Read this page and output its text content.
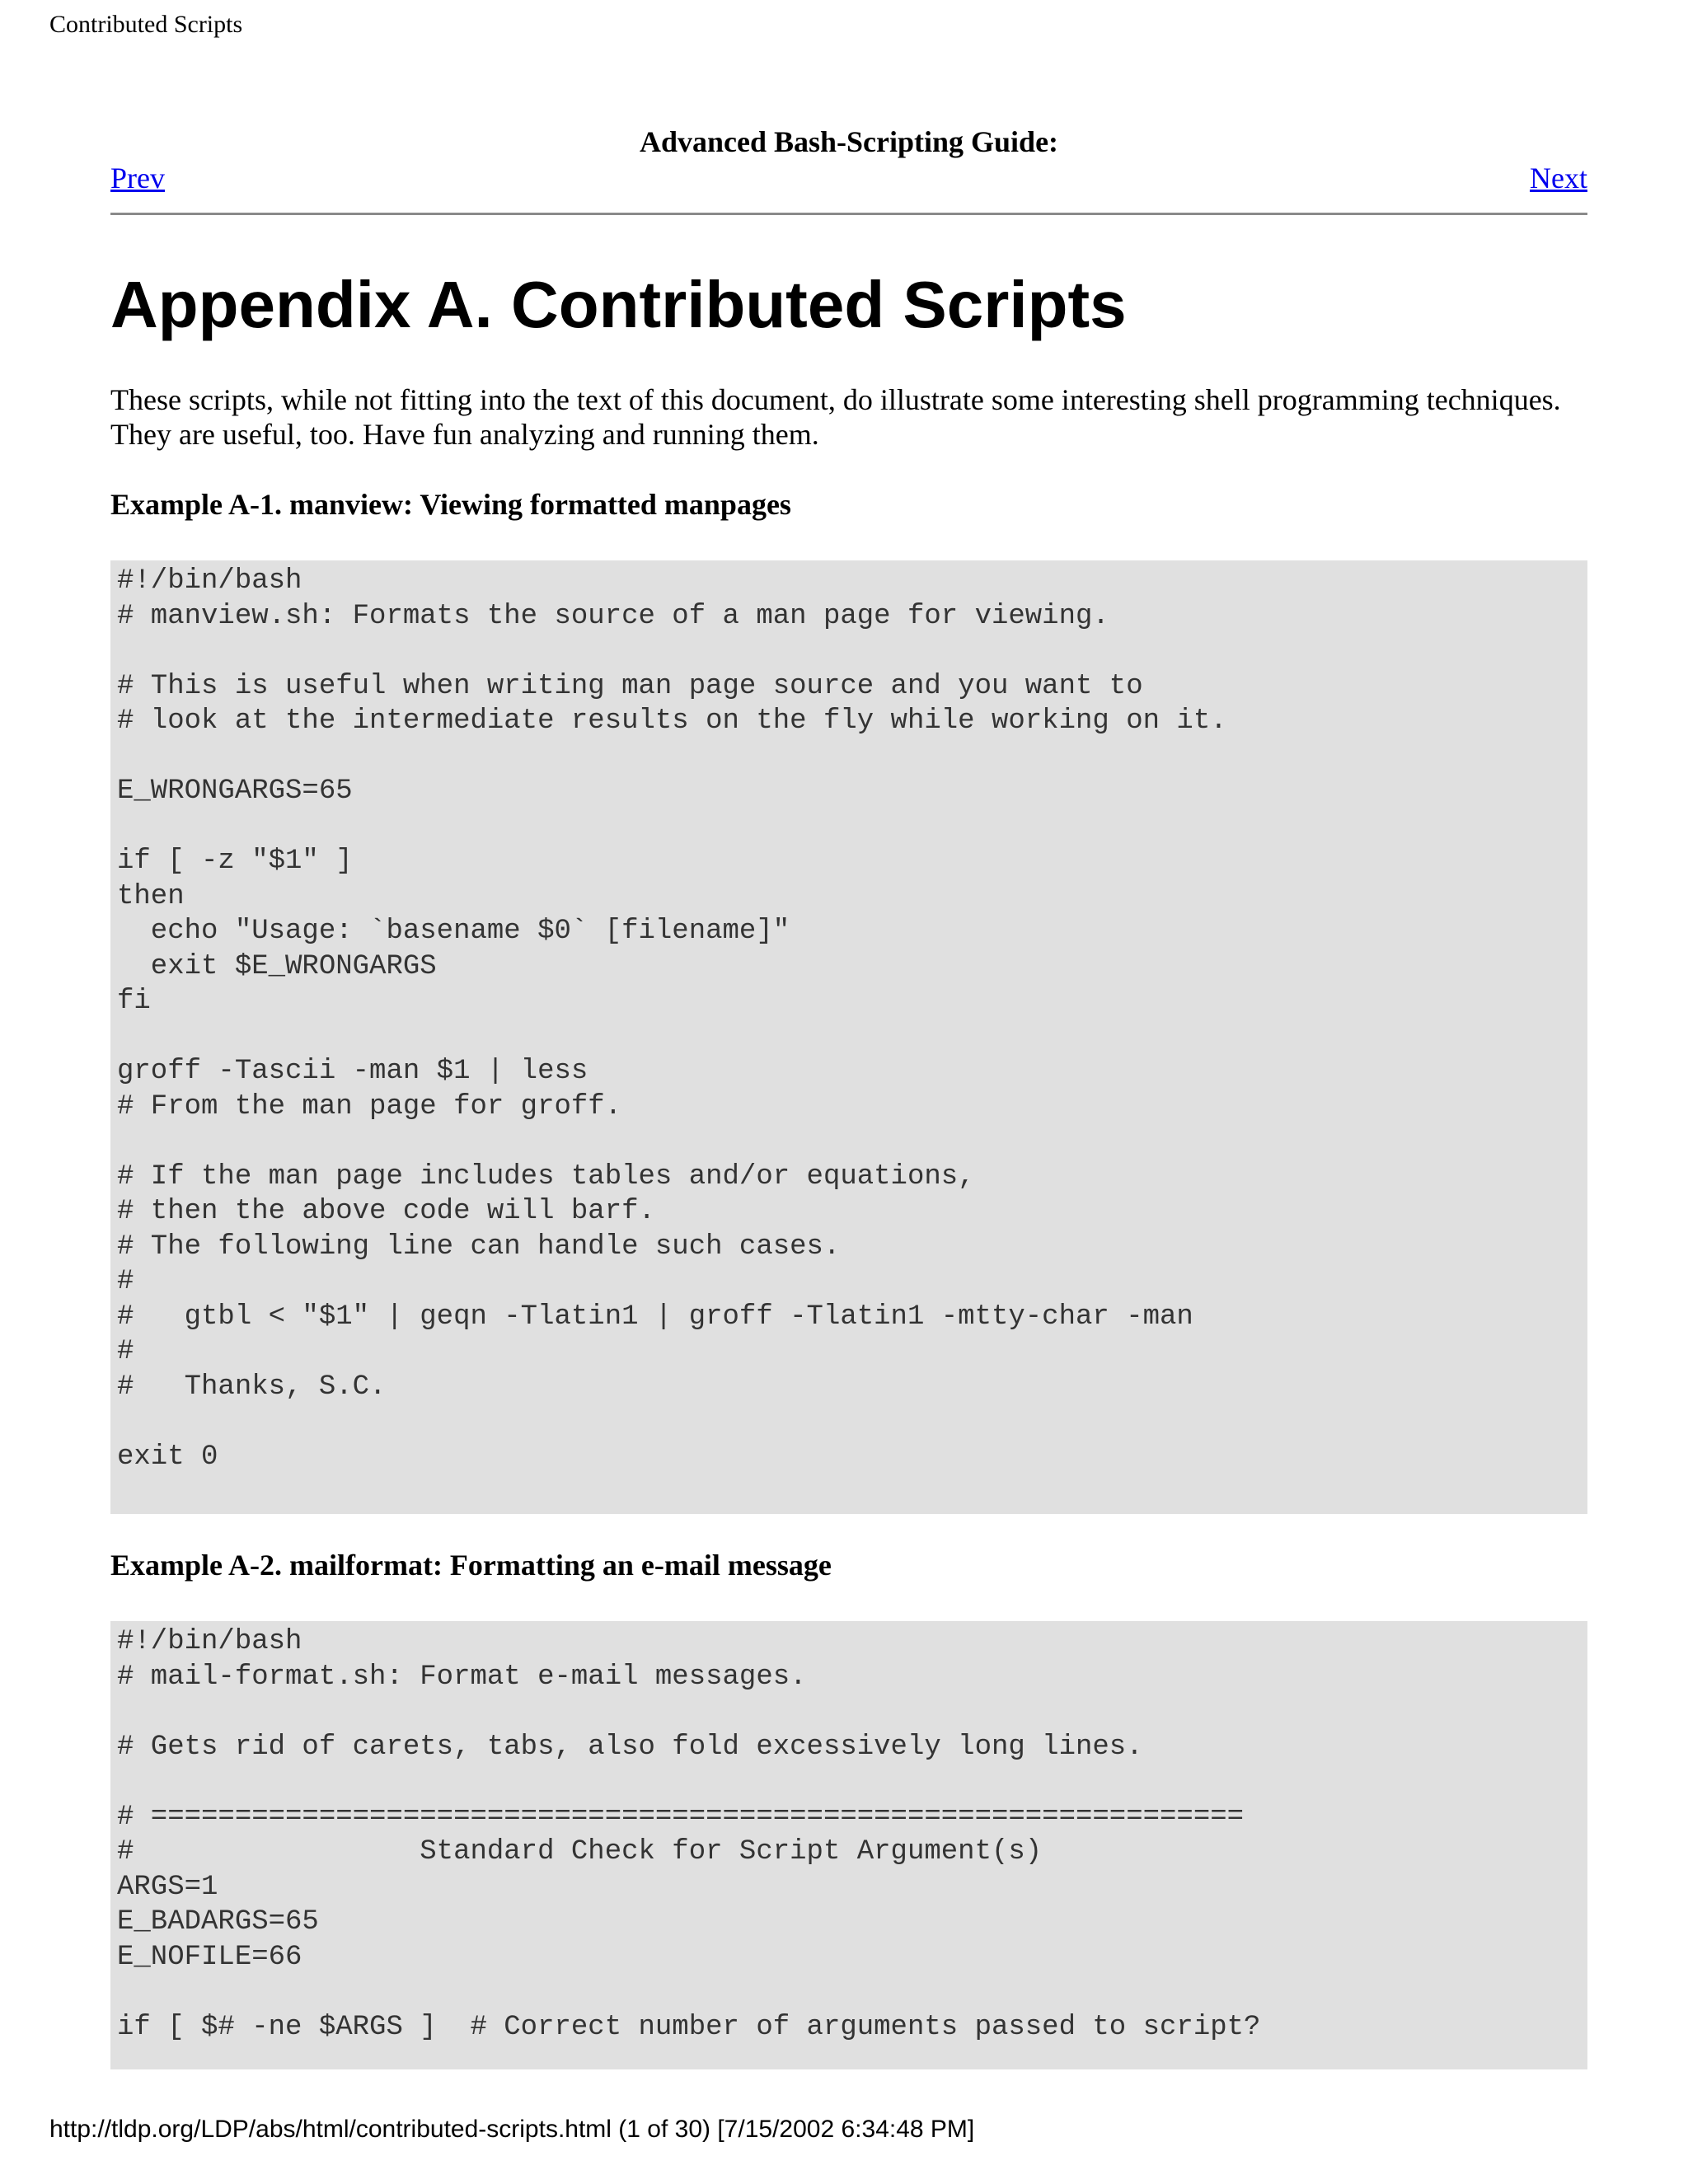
Contributed Scripts
Advanced Bash-Scripting Guide:
Prev	Next
Appendix A. Contributed Scripts

These scripts, while not fitting into the text of this document, do illustrate some interesting shell programming techniques. They are useful, too. Have fun analyzing and running them.

Example A-1. manview: Viewing formatted manpages
#!/bin/bash
# manview.sh: Formats the source of a man page for viewing.

# This is useful when writing man page source and you want to
# look at the intermediate results on the fly while working on it.

E_WRONGARGS=65

if [ -z "$1" ]
then
echo "Usage: `basename $0` [filename]"
exit $E_WRONGARGS
fi

groff -Tascii -man $1 | less
# From the man page for groff.

# If the man page includes tables and/or equations,
# then the above code will barf.
# The following line can handle such cases.
#
#   gtbl < "$1" | geqn -Tlatin1 | groff -Tlatin1 -mtty-char -man
#
#   Thanks, S.C.

exit 0
Example A-2. mailformat: Formatting an e-mail message
#!/bin/bash
# mail-format.sh: Format e-mail messages.

# Gets rid of carets, tabs, also fold excessively long lines.

# =================================================================
#                 Standard Check for Script Argument(s)
ARGS=1
E_BADARGS=65
E_NOFILE=66

if [ $# -ne $ARGS ]  # Correct number of arguments passed to script?
http://tldp.org/LDP/abs/html/contributed-scripts.html (1 of 30) [7/15/2002 6:34:48 PM]
